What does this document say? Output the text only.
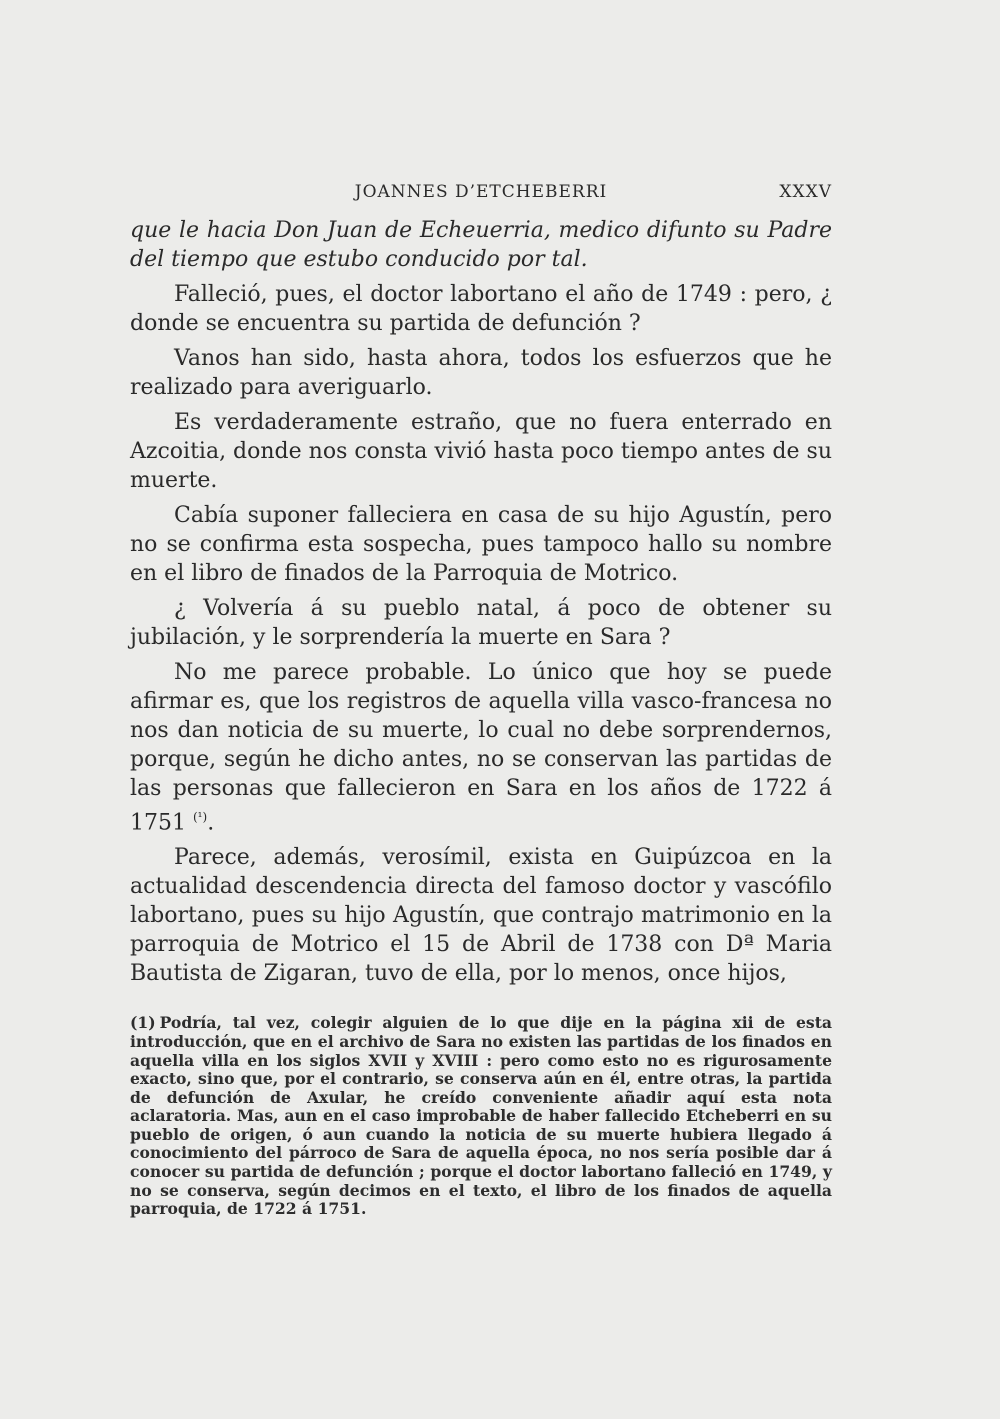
JOANNES D’ETCHEBERRI	XXXV

que le hacia Don Juan de Echeuerria, medico difunto su Padre del tiempo que estubo conducido por tal.

Falleció, pues, el doctor labortano el año de 1749 : pero, ¿ donde se encuentra su partida de defunción ?

Vanos han sido, hasta ahora, todos los esfuerzos que he realizado para averiguarlo.

Es verdaderamente estraño, que no fuera enterrado en Azcoitia, donde nos consta vivió hasta poco tiempo antes de su muerte.

Cabía suponer falleciera en casa de su hijo Agustín, pero no se confirma esta sospecha, pues tampoco hallo su nombre en el libro de finados de la Parroquia de Motrico.

¿ Volvería á su pueblo natal, á poco de obtener su jubilación, y le sorprendería la muerte en Sara ?

No me parece probable. Lo único que hoy se puede afirmar es, que los registros de aquella villa vasco-francesa no nos dan noticia de su muerte, lo cual no debe sorprendernos, porque, según he dicho antes, no se conservan las partidas de las personas que fallecieron en Sara en los años de 1722 á 1751 $^{(^1)}$.

Parece, además, verosímil, exista en Guipúzcoa en la actualidad descendencia directa del famoso doctor y vascófilo labortano, pues su hijo Agustín, que contrajo matrimonio en la parroquia de Motrico el 15 de Abril de 1738 con Dª Maria Bautista de Zigaran, tuvo de ella, por lo menos, once hijos,

(1) Podría, tal vez, colegir alguien de lo que dije en la página xii de esta introducción, que en el archivo de Sara no existen las partidas de los finados en aquella villa en los siglos XVII y XVIII : pero como esto no es rigurosamente exacto, sino que, por el contrario, se conserva aún en él, entre otras, la partida de defunción de Axular, he creído conveniente añadir aquí esta nota aclaratoria. Mas, aun en el caso improbable de haber fallecido Etcheberri en su pueblo de origen, ó aun cuando la noticia de su muerte hubiera llegado á conocimiento del párroco de Sara de aquella época, no nos sería posible dar á conocer su partida de defunción ; porque el doctor labortano falleció en 1749, y no se conserva, según decimos en el texto, el libro de los finados de aquella parroquia, de 1722 á 1751.
